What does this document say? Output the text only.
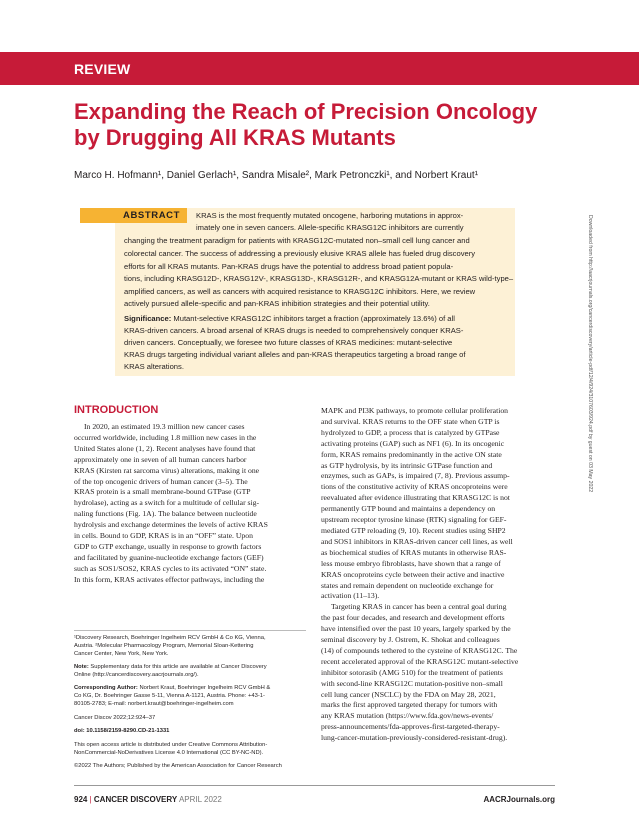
REVIEW
Expanding the Reach of Precision Oncology
by Drugging All KRAS Mutants
Marco H. Hofmann¹, Daniel Gerlach¹, Sandra Misale², Mark Petronczki¹, and Norbert Kraut¹
Downloaded from http://aacrjournals.org/cancerdiscovery/article-pdf/12/4/924/3107603/924.pdf by guest on 03 May 2022
ABSTRACT KRAS is the most frequently mutated oncogene, harboring mutations in approx-
imately one in seven cancers. Allele-specific KRASG12C inhibitors are currently
changing the treatment paradigm for patients with KRASG12C-mutated non–small cell lung cancer and
colorectal cancer. The success of addressing a previously elusive KRAS allele has fueled drug discovery
efforts for all KRAS mutants. Pan-KRAS drugs have the potential to address broad patient popula-
tions, including KRASG12D-, KRASG12V-, KRASG13D-, KRASG12R-, and KRASG12A-mutant or KRAS wild-type–
amplified cancers, as well as cancers with acquired resistance to KRASG12C inhibitors. Here, we review
actively pursued allele-specific and pan-KRAS inhibition strategies and their potential utility.
Significance: Mutant-selective KRASG12C inhibitors target a fraction (approximately 13.6%) of all
KRAS-driven cancers. A broad arsenal of KRAS drugs is needed to comprehensively conquer KRAS-
driven cancers. Conceptually, we foresee two future classes of KRAS medicines: mutant-selective
KRAS drugs targeting individual variant alleles and pan-KRAS therapeutics targeting a broad range of
KRAS alterations.
INTRODUCTION

In 2020, an estimated 19.3 million new cancer cases

occurred worldwide, including 1.8 million new cases in the

United States alone (1, 2). Recent analyses have found that

approximately one in seven of all human cancers harbor

KRAS (Kirsten rat sarcoma virus) alterations, making it one

of the top oncogenic drivers of human cancer (3–5). The

KRAS protein is a small membrane-bound GTPase (GTP

hydrolase), acting as a switch for a multitude of cellular sig-

naling functions (Fig. 1A). The balance between nucleotide

hydrolysis and exchange determines the levels of active KRAS

in cells. Bound to GDP, KRAS is in an “OFF” state. Upon

GDP to GTP exchange, usually in response to growth factors

and facilitated by guanine-nucleotide exchange factors (GEF)

such as SOS1/SOS2, KRAS cycles to its activated “ON” state.

In this form, KRAS activates effector pathways, including the

MAPK and PI3K pathways, to promote cellular proliferation

and survival. KRAS returns to the OFF state when GTP is

hydrolyzed to GDP, a process that is catalyzed by GTPase

activating proteins (GAP) such as NF1 (6). In its oncogenic

form, KRAS remains predominantly in the active ON state

as GTP hydrolysis, by its intrinsic GTPase function and

enzymes, such as GAPs, is impaired (7, 8). Previous assump-

tions of the constitutive activity of KRAS oncoproteins were

reevaluated after evidence illustrating that KRASG12C is not

permanently GTP bound and maintains a dependency on

upstream receptor tyrosine kinase (RTK) signaling for GEF-

mediated GTP reloading (9, 10). Recent studies using SHP2

and SOS1 inhibitors in KRAS-driven cancer cell lines, as well

as biochemical studies of KRAS mutants in otherwise RAS-

less mouse embryo fibroblasts, have shown that a range of

KRAS oncoproteins cycle between their active and inactive

states and remain dependent on nucleotide exchange for

activation (11–13).

Targeting KRAS in cancer has been a central goal during

the past four decades, and research and development efforts

have intensified over the past 10 years, largely sparked by the

seminal discovery by J. Ostrem, K. Shokat and colleagues

(14) of compounds tethered to the cysteine of KRASG12C. The

recent accelerated approval of the KRASG12C mutant-selective

inhibitor sotorasib (AMG 510) for the treatment of patients

with second-line KRASG12C mutation-positive non–small

cell lung cancer (NSCLC) by the FDA on May 28, 2021,

marks the first approved targeted therapy for tumors with

any KRAS mutation (https://www.fda.gov/news-events/

press-announcements/fda-approves-first-targeted-therapy-

lung-cancer-mutation-previously-considered-resistant-drug).

¹Discovery Research, Boehringer Ingelheim RCV GmbH & Co KG, Vienna,
Austria. ²Molecular Pharmacology Program, Memorial Sloan-Kettering
Cancer Center, New York, New York.
Note: Supplementary data for this article are available at Cancer Discovery
Online (http://cancerdiscovery.aacrjournals.org/).
Corresponding Author: Norbert Kraut, Boehringer Ingelheim RCV GmbH &
Co KG, Dr. Boehringer Gasse 5-11, Vienna A-1121, Austria. Phone: +43-1-
80105-2783; E-mail: norbert.kraut@boehringer-ingelheim.com
Cancer Discov 2022;12:924–37
doi: 10.1158/2159-8290.CD-21-1331
This open access article is distributed under Creative Commons Attribution-
NonCommercial-NoDerivatives License 4.0 International (CC BY-NC-ND).
©2022 The Authors; Published by the American Association for Cancer Research
924 | CANCER DISCOVERY APRIL 2022	AACRJournals.org
